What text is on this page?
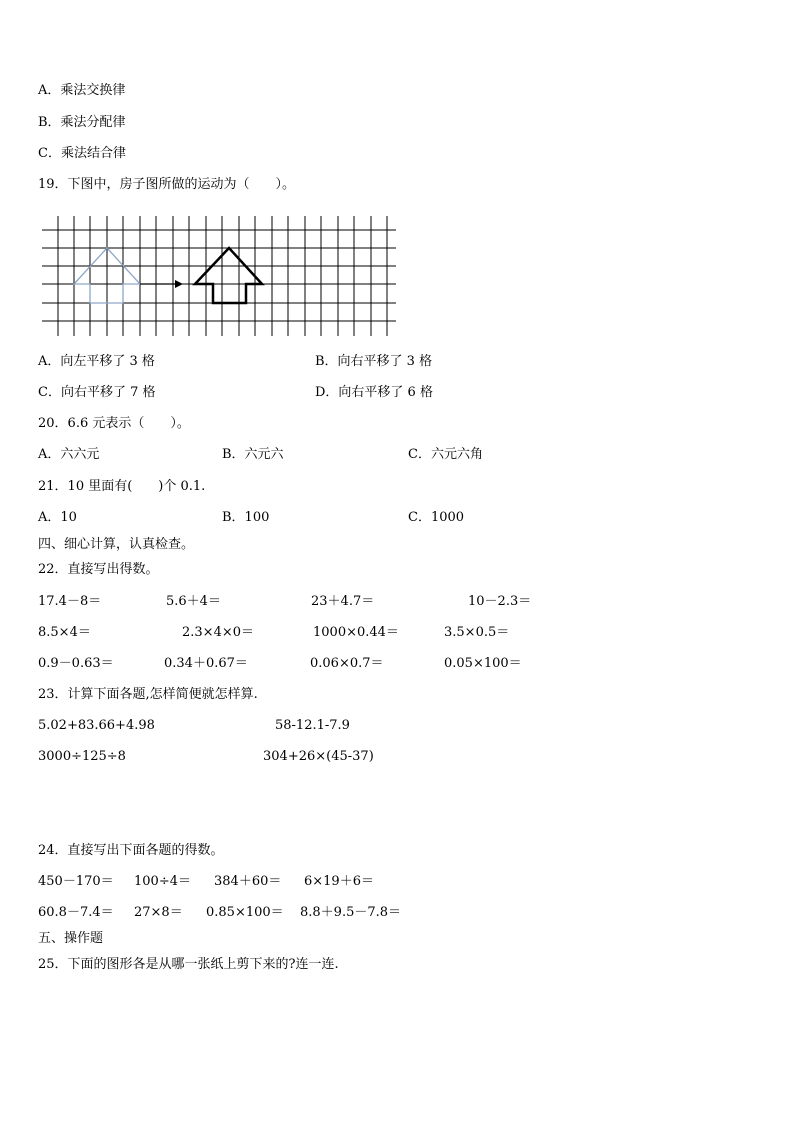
A．乘法交换律
B．乘法分配律
C．乘法结合律
19．下图中，房子图所做的运动为（　　）。
A．向左平移了 3 格	B．向右平移了 3 格
C．向右平移了 7 格	D．向右平移了 6 格
20．6.6 元表示（　　）。
A．六六元	B．六元六	C．六元六角
21．10 里面有(　　)个 0.1.
A．10	B．100	C．1000
四、细心计算，认真检查。
22．直接写出得数。
17.4－8＝	5.6＋4＝	23＋4.7＝	10－2.3＝
8.5×4＝	2.3×4×0＝	1000×0.44＝	3.5×0.5＝
0.9－0.63＝	0.34＋0.67＝	0.06×0.7＝	0.05×100＝
23．计算下面各题,怎样简便就怎样算.
5.02+83.66+4.98	58-12.1-7.9
3000÷125÷8	304+26×(45-37)
24．直接写出下面各题的得数。
450－170＝ 100÷4＝ 384＋60＝ 6×19＋6＝
60.8－7.4＝ 27×8＝ 0.85×100＝ 8.8＋9.5－7.8＝
五、操作题
25．下面的图形各是从哪一张纸上剪下来的?连一连.
